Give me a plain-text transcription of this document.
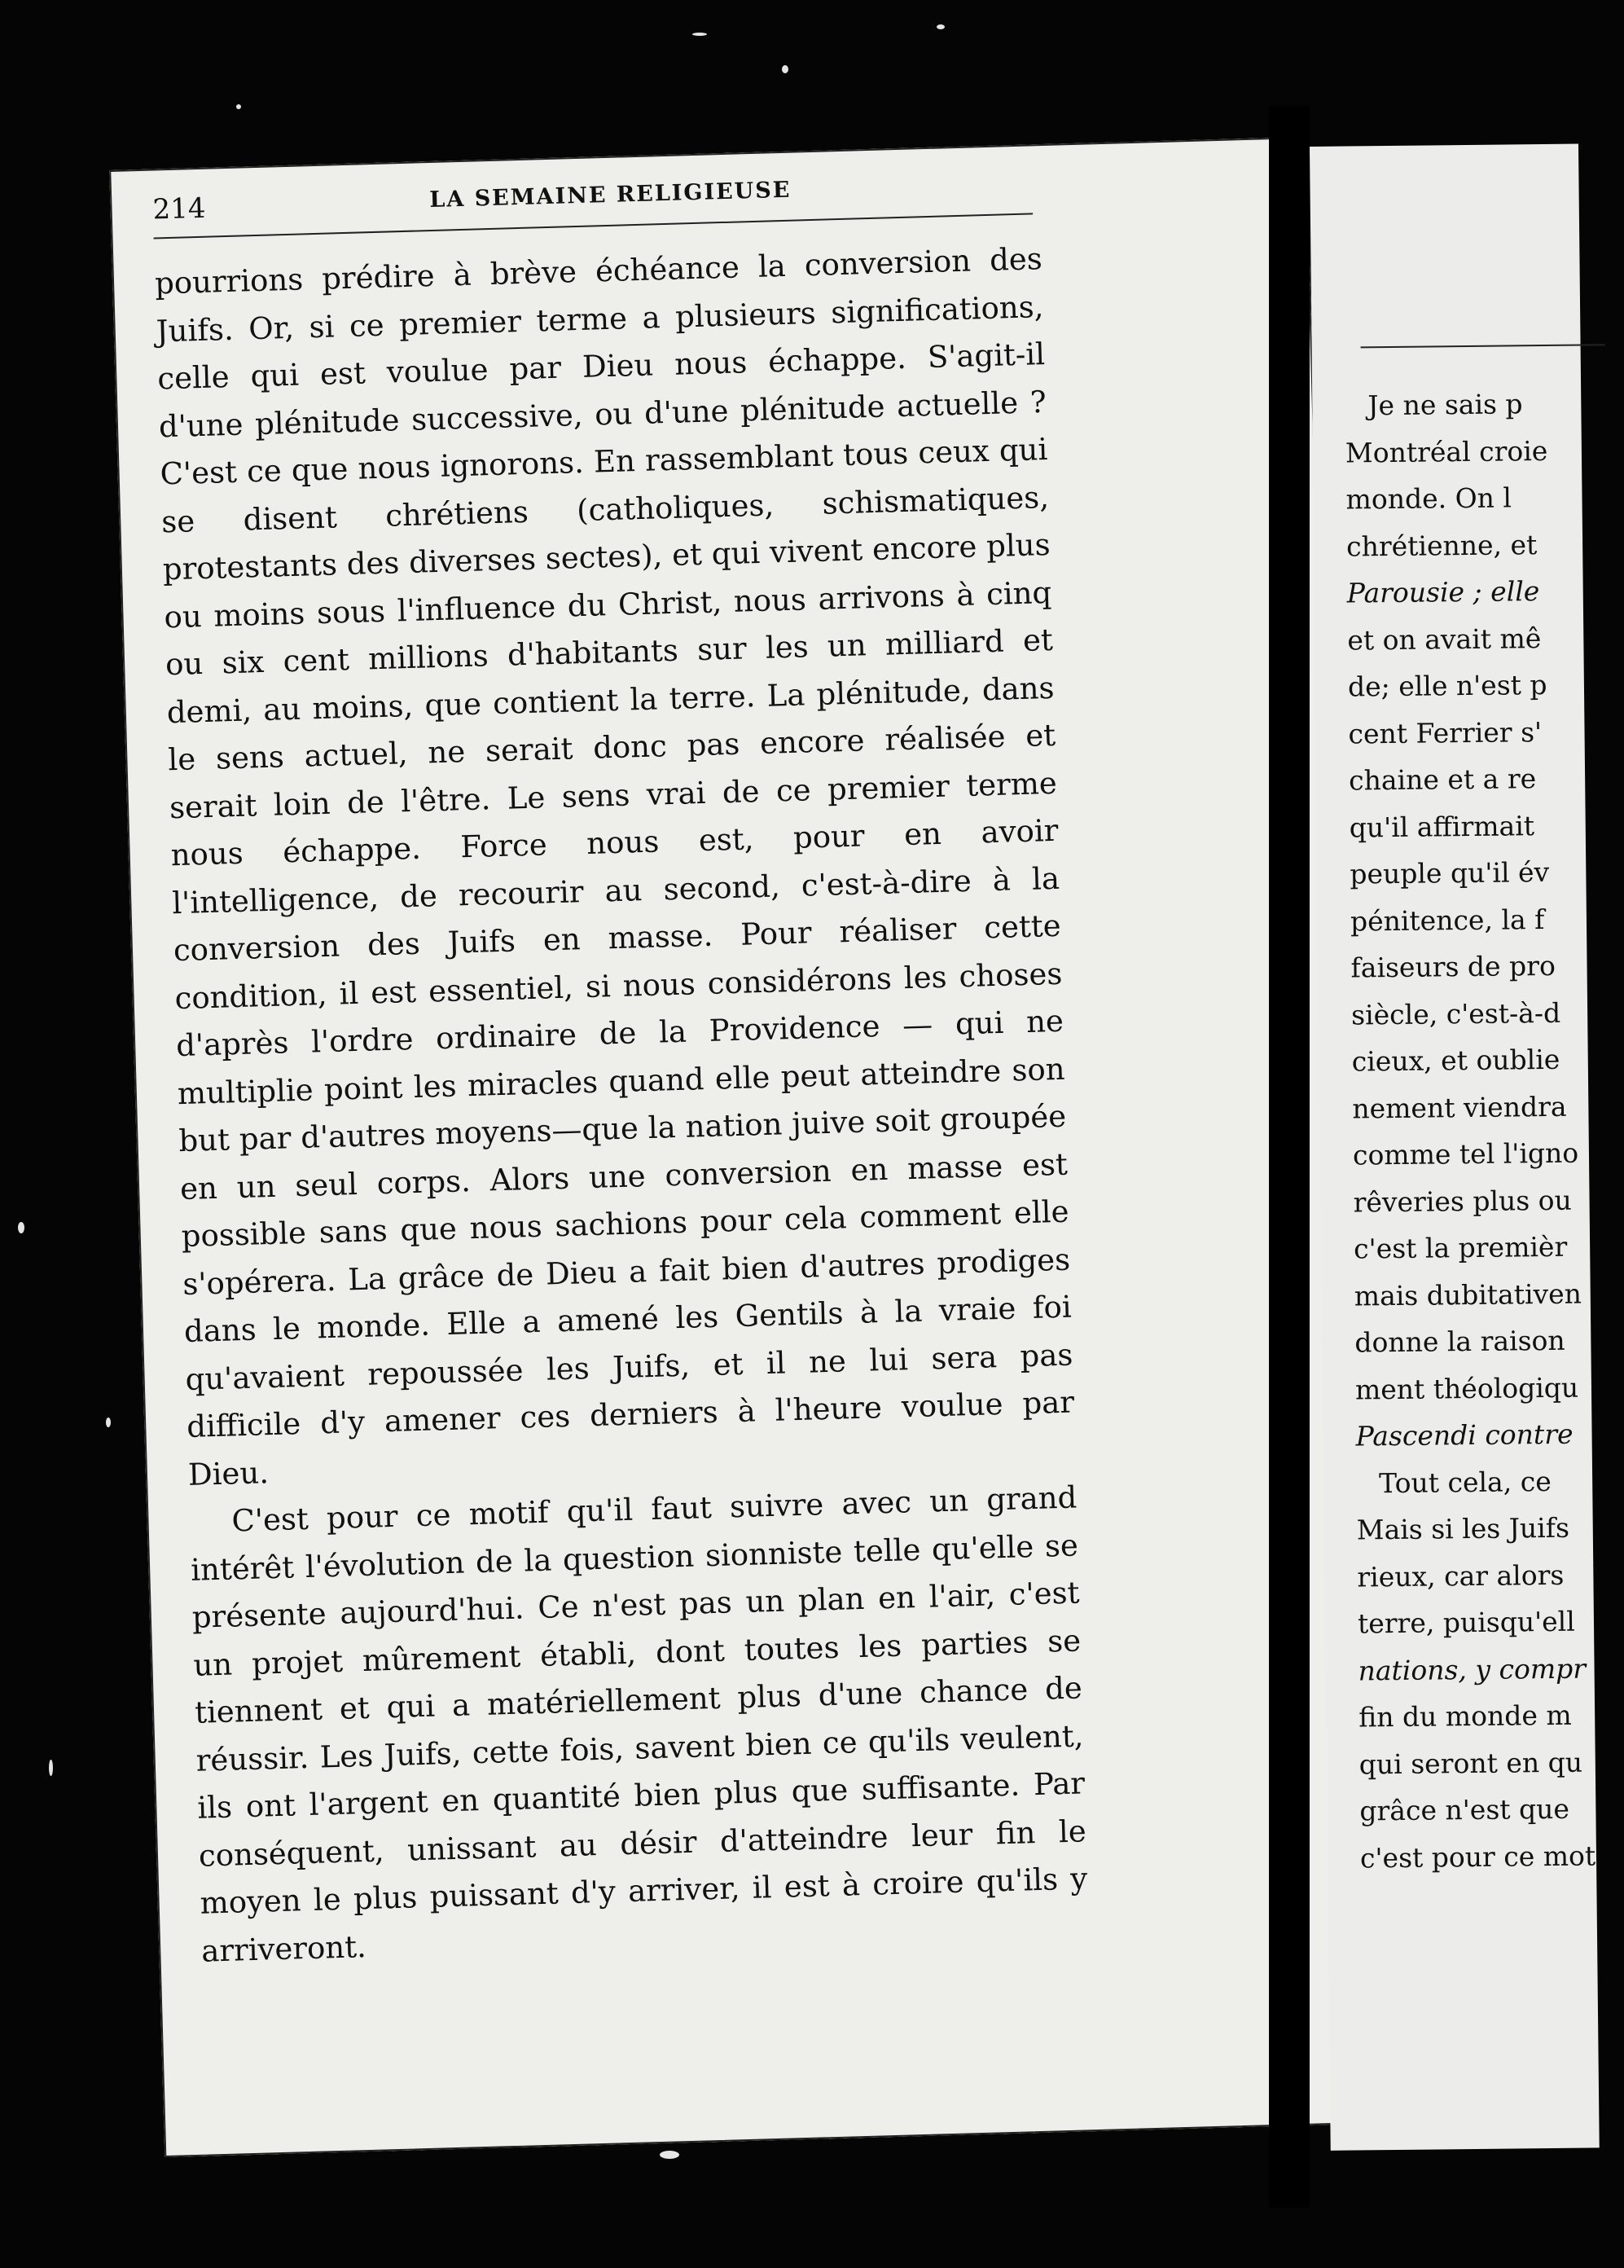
214	LA SEMAINE RELIGIEUSE

pourrions prédire à brève échéance la conversion des Juifs. Or, si ce premier terme a plusieurs significations, celle qui est voulue par Dieu nous échappe. S'agit-il d'une plénitude successive, ou d'une plénitude actuelle ? C'est ce que nous ignorons. En rassemblant tous ceux qui se disent chrétiens (catholiques, schismatiques, protestants des diverses sectes), et qui vivent encore plus ou moins sous l'influence du Christ, nous arrivons à cinq ou six cent millions d'habitants sur les un milliard et demi, au moins, que contient la terre. La plénitude, dans le sens actuel, ne serait donc pas encore réalisée et serait loin de l'être. Le sens vrai de ce premier terme nous échappe. Force nous est, pour en avoir l'intelligence, de recourir au second, c'est-à-dire à la conversion des Juifs en masse. Pour réaliser cette condition, il est essentiel, si nous considérons les choses d'après l'ordre ordinaire de la Providence — qui ne multiplie point les miracles quand elle peut atteindre son but par d'autres moyens—que la nation juive soit groupée en un seul corps. Alors une conversion en masse est possible sans que nous sachions pour cela comment elle s'opérera. La grâce de Dieu a fait bien d'autres prodiges dans le monde. Elle a amené les Gentils à la vraie foi qu'avaient repoussée les Juifs, et il ne lui sera pas difficile d'y amener ces derniers à l'heure voulue par Dieu.

C'est pour ce motif qu'il faut suivre avec un grand intérêt l'évolution de la question sionniste telle qu'elle se présente aujourd'hui. Ce n'est pas un plan en l'air, c'est un projet mûrement établi, dont toutes les parties se tiennent et qui a matériellement plus d'une chance de réussir. Les Juifs, cette fois, savent bien ce qu'ils veulent, ils ont l'argent en quantité bien plus que suffisante. Par conséquent, unissant au désir d'atteindre leur fin le moyen le plus puissant d'y arriver, il est à croire qu'ils y arriveront.

Je ne sais p
Montréal croie
monde. On l
chrétienne, et
Parousie ; elle
et on avait mê
de; elle n'est p
cent Ferrier s'
chaine et a re
qu'il affirmait
peuple qu'il év
pénitence, la f
faiseurs de pro
siècle, c'est-à-d
cieux, et oublie
nement viendra
comme tel l'igno
rêveries plus ou
c'est la premièr
mais dubitativen
donne la raison
ment théologiqu
Pascendi contre
Tout cela, ce
Mais si les Juifs
rieux, car alors
terre, puisqu'ell
nations, y compr
fin du monde m
qui seront en qu
grâce n'est que
c'est pour ce mot
